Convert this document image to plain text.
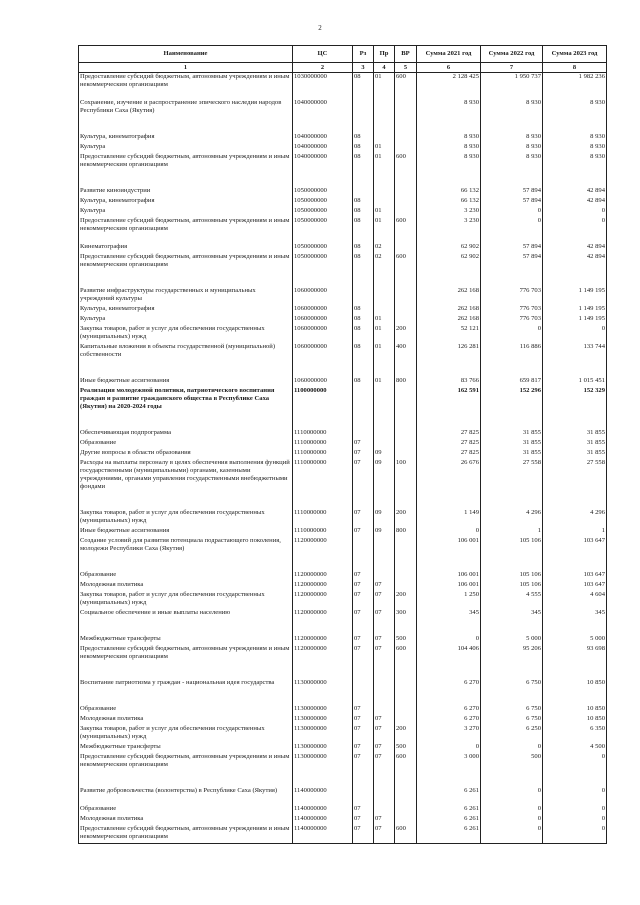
2
Наименование	ЦС	Рз	Пр	ВР	Сумма 2021 год	Сумма 2022 год	Сумма 2023 год
1	2	3	4	5	6	7	8
Предоставление субсидий бюджетным, автономным учреждениям и иным некоммерческим организациям	1030000000	08	01	600	2 128 425	1 950 737	1 982 236
Сохранение, изучение и распространение эпического наследия народов Республики Саха (Якутия)	1040000000				8 930	8 930	8 930
Культура, кинематография	1040000000	08			8 930	8 930	8 930
Культура	1040000000	08	01		8 930	8 930	8 930
Предоставление субсидий бюджетным, автономным учреждениям и иным некоммерческим организациям	1040000000	08	01	600	8 930	8 930	8 930
Развитие киноиндустрии	1050000000				66 132	57 894	42 894
Культура, кинематография	1050000000	08			66 132	57 894	42 894
Культура	1050000000	08	01		3 230	0	0
Предоставление субсидий бюджетным, автономным учреждениям и иным некоммерческим организациям	1050000000	08	01	600	3 230	0	0
Кинематография	1050000000	08	02		62 902	57 894	42 894
Предоставление субсидий бюджетным, автономным учреждениям и иным некоммерческим организациям	1050000000	08	02	600	62 902	57 894	42 894
Развитие инфраструктуры государственных и муниципальных учреждений культуры	1060000000				262 168	776 703	1 149 195
Культура, кинематография	1060000000	08			262 168	776 703	1 149 195
Культура	1060000000	08	01		262 168	776 703	1 149 195
Закупка товаров, работ и услуг для обеспечения государственных (муниципальных) нужд	1060000000	08	01	200	52 121	0	0
Капитальные вложения в объекты государственной (муниципальной) собственности	1060000000	08	01	400	126 281	116 886	133 744
Иные бюджетные ассигнования	1060000000	08	01	800	83 766	659 817	1 015 451
Реализация молодежной политики, патриотического воспитания граждан и развитие гражданского общества в Республике Саха (Якутия) на 2020-2024 годы	1100000000				162 591	152 296	152 329
Обеспечивающая подпрограмма	1110000000				27 825	31 855	31 855
Образование	1110000000	07			27 825	31 855	31 855
Другие вопросы в области образования	1110000000	07	09		27 825	31 855	31 855
Расходы на выплаты персоналу в целях обеспечения выполнения функций государственными (муниципальными) органами, казенными учреждениями, органами управления государственными внебюджетными фондами	1110000000	07	09	100	26 676	27 558	27 558
Закупка товаров, работ и услуг для обеспечения государственных (муниципальных) нужд	1110000000	07	09	200	1 149	4 296	4 296
Иные бюджетные ассигнования	1110000000	07	09	800	0	1	1
Создание условий для развития потенциала подрастающего поколения, молодежи Республики Саха (Якутия)	1120000000				106 001	105 106	103 647
Образование	1120000000	07			106 001	105 106	103 647
Молодежная политика	1120000000	07	07		106 001	105 106	103 647
Закупка товаров, работ и услуг для обеспечения государственных (муниципальных) нужд	1120000000	07	07	200	1 250	4 555	4 604
Социальное обеспечение и иные выплаты населению	1120000000	07	07	300	345	345	345
Межбюджетные трансферты	1120000000	07	07	500	0	5 000	5 000
Предоставление субсидий бюджетным, автономным учреждениям и иным некоммерческим организациям	1120000000	07	07	600	104 406	95 206	93 698
Воспитание патриотизма у граждан - национальная идея государства	1130000000				6 270	6 750	10 850
Образование	1130000000	07			6 270	6 750	10 850
Молодежная политика	1130000000	07	07		6 270	6 750	10 850
Закупка товаров, работ и услуг для обеспечения государственных (муниципальных) нужд	1130000000	07	07	200	3 270	6 250	6 350
Межбюджетные трансферты	1130000000	07	07	500	0	0	4 500
Предоставление субсидий бюджетным, автономным учреждениям и иным некоммерческим организациям	1130000000	07	07	600	3 000	500	0
Развитие добровольчества (волонтерства) в Республике Саха (Якутия)	1140000000				6 261	0	0
Образование	1140000000	07			6 261	0	0
Молодежная политика	1140000000	07	07		6 261	0	0
Предоставление субсидий бюджетным, автономным учреждениям и иным некоммерческим организациям	1140000000	07	07	600	6 261	0	0
